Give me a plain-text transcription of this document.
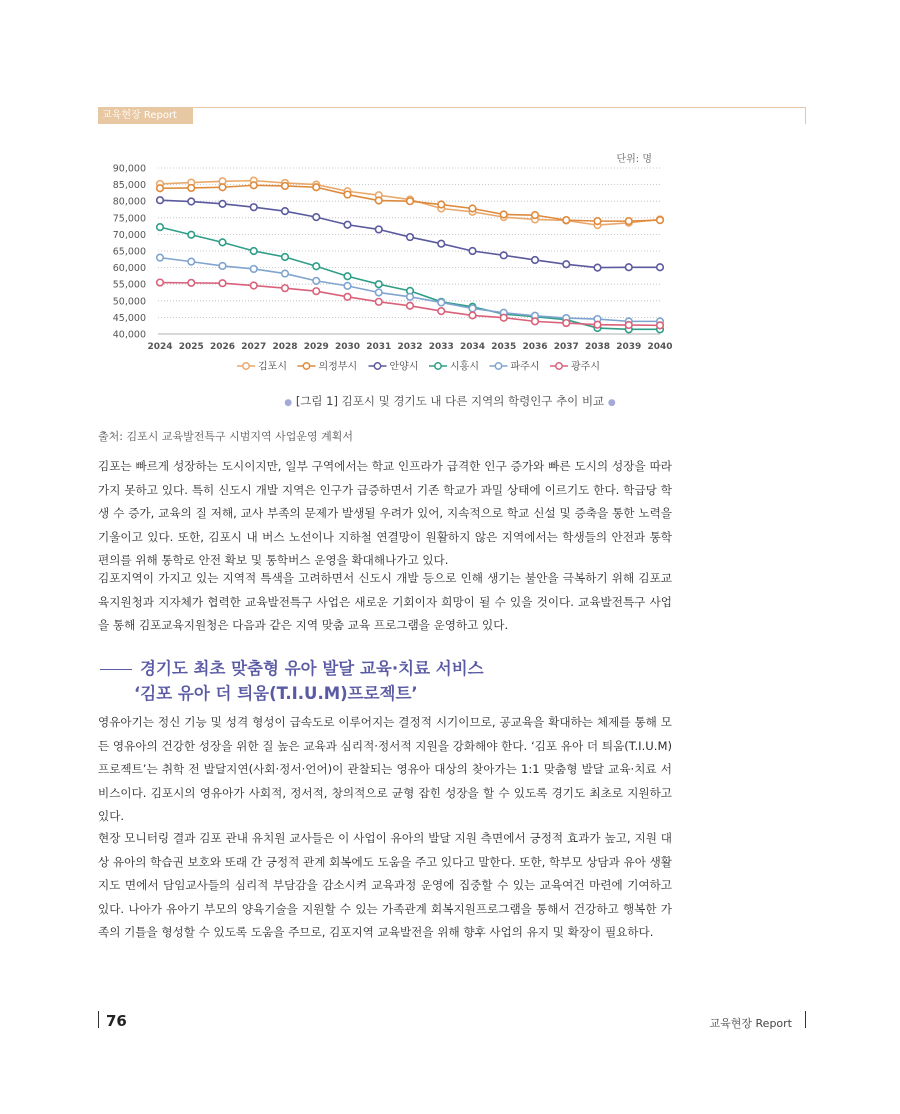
교육현장 Report
단위: 명
90,000
85,000
80,000
75,000
70,000
65,000
60,000
55,000
50,000
45,000
40,000
2024 2025 2026 2027 2028 2029 2030 2031 2032 2033 2034 2035 2036 2037 2038 2039 2040
김포시	의정부시	안양시	시흥시	파주시	광주시
● [그림 1] 김포시 및 경기도 내 다른 지역의 학령인구 추이 비교 ●
출처: 김포시 교육발전특구 시범지역 사업운영 계획서
김포는 빠르게 성장하는 도시이지만, 일부 구역에서는 학교 인프라가 급격한 인구 증가와 빠른 도시의 성장을 따라가지 못하고 있다. 특히 신도시 개발 지역은 인구가 급증하면서 기존 학교가 과밀 상태에 이르기도 한다. 학급당 학생 수 증가, 교육의 질 저해, 교사 부족의 문제가 발생될 우려가 있어, 지속적으로 학교 신설 및 증축을 통한 노력을 기울이고 있다. 또한, 김포시 내 버스 노선이나 지하철 연결망이 원활하지 않은 지역에서는 학생들의 안전과 통학 편의를 위해 통학로 안전 확보 및 통학버스 운영을 확대해나가고 있다.
김포지역이 가지고 있는 지역적 특색을 고려하면서 신도시 개발 등으로 인해 생기는 불안을 극복하기 위해 김포교육지원청과 지자체가 협력한 교육발전특구 사업은 새로운 기회이자 희망이 될 수 있을 것이다. 교육발전특구 사업을 통해 김포교육지원청은 다음과 같은 지역 맞춤 교육 프로그램을 운영하고 있다.
경기도 최초 맞춤형 유아 발달 교육·치료 서비스
‘김포 유아 더 틔움(T.I.U.M)프로젝트’
영유아기는 정신 기능 및 성격 형성이 급속도로 이루어지는 결정적 시기이므로, 공교육을 확대하는 체제를 통해 모든 영유아의 건강한 성장을 위한 질 높은 교육과 심리적·정서적 지원을 강화해야 한다. ‘김포 유아 더 틔움(T.I.U.M) 프로젝트’는 취학 전 발달지연(사회·정서·언어)이 관찰되는 영유아 대상의 찾아가는 1:1 맞춤형 발달 교육·치료 서비스이다. 김포시의 영유아가 사회적, 정서적, 창의적으로 균형 잡힌 성장을 할 수 있도록 경기도 최초로 지원하고 있다.
현장 모니터링 결과 김포 관내 유치원 교사들은 이 사업이 유아의 발달 지원 측면에서 긍정적 효과가 높고, 지원 대상 유아의 학습권 보호와 또래 간 긍정적 관계 회복에도 도움을 주고 있다고 말한다. 또한, 학부모 상담과 유아 생활지도 면에서 담임교사들의 심리적 부담감을 감소시켜 교육과정 운영에 집중할 수 있는 교육여건 마련에 기여하고 있다. 나아가 유아기 부모의 양육기술을 지원할 수 있는 가족관계 회복지원프로그램을 통해서 건강하고 행복한 가족의 기틀을 형성할 수 있도록 도움을 주므로, 김포지역 교육발전을 위해 향후 사업의 유지 및 확장이 필요하다.
76	교육현장 Report
